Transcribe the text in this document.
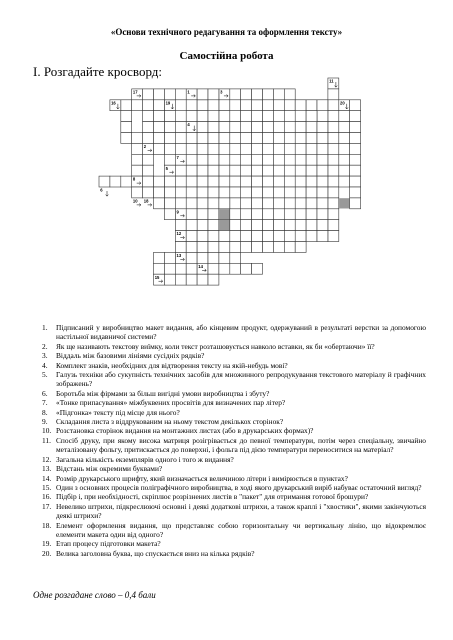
«Основи технічного редагування та оформлення тексту»
Самостійна робота
І. Розгадайте кросворд:
11
17	1	3
16	19	20
4
2
5
7
8
6
10 18
9
12
13
14
15
1. Підписаний у виробництво макет видання, або кінцевим продукт, одержуваний в результаті верстки за допомогою настільної видавничої системи?
2. Як ще називають текстову виїмку, коли текст розташовується навколо вставки, як би «обертаючи» її?
3. Віддаль між базовими лініями сусідніх рядків?
4. Комплект знаків, необхідних для відтворення тексту на якій-небудь мові?
5. Галузь техніки або сукупність технічних засобів для множинного репродукування текстового матеріалу й графічних зображень?
6. Боротьба між фірмами за більш вигідні умови виробництва і збуту?
7. «Тонке припасування» міжбуквених просвітів для визначених пар літер?
8. «Підгонка» тексту під місце для нього?
9. Складання листа з віддрукованим на ньому текстом декількох сторінок?
10. Розстановка сторінок видання на монтажних листах (або в друкарських формах)?
11. Спосіб друку, при якому висока матриця розігрівається до певної температури, потім через спеціальну, звичайно металізовану фольгу, притискається до поверхні, і фольга під дією температури переноситися на матеріал?
12. Загальна кількість екземплярів одного і того ж видання?
13. Відстань між окремими буквами?
14. Розмір друкарського шрифту, який визначається величиною літери і вимірюється в пунктах?
15. Один з основних процесів поліграфічного виробництва, в ході якого друкарський виріб набуває остаточний вигляд?
16. Підбір і, при необхідності, скріплює розрізнених листів в "пакет" для отримання готової брошури?
17. Невелико штрихи, підкреслюючі основні і деякі додаткові штрихи, а також краплі і "хвостики", якими закінчуються деякі штрихи?
18. Елемент оформлення видання, що представляє собою горизонтальну чи вертикальну лінію, що відокремлює елементи макета один від одного?
19. Етап процесу підготовки макета?
20. Велика заголовна буква, що спускається вниз на кілька рядків?
Одне розгадане слово – 0,4 бали
